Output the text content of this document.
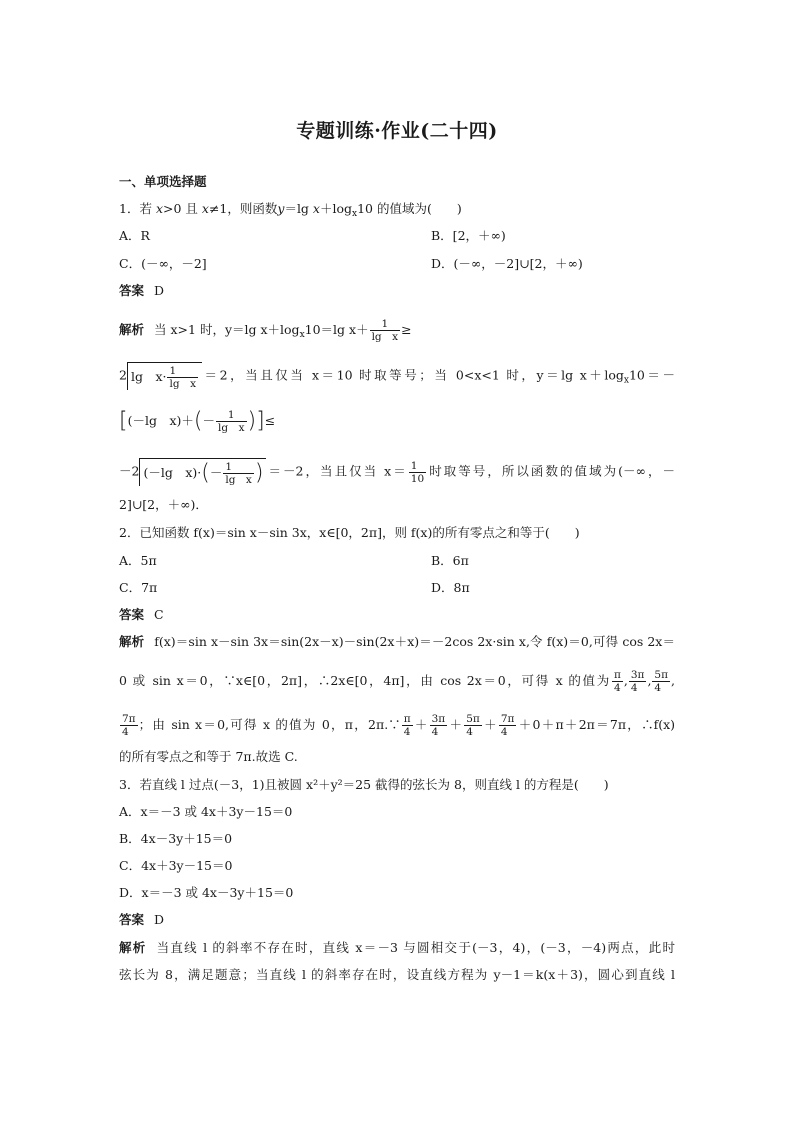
专题训练·作业(二十四)
一、单项选择题
1．若 x>0 且 x≠1，则函数y＝lg $x+\log_x10$ 的值域为(　　)
A．R	B．[2，＋∞)
C．(－∞，－2]	D．(－∞，－2]∪[2，＋∞)
答案 D
解析 当 x>1 时，y＝lg $x+\log_x10=\lg$ $x+ \frac{1}{\text{lg　x}}$ ≥
2 lg　$x\cdot \frac{1}{\text{lg　x}} =2$，当且仅当 x＝10 时取等号；当 0<x<1 时，y＝lg $x+\log_x10=-$
[(－lg　$x)+(- \frac{1}{\text{lg　x}}$ )]≤
－2 (－lg　$x)\cdot(- \frac{1}{\text{lg　x}}$ ) ＝－2，当且仅当 $x= \frac{1}{10}$ 时取等号，所以函数的值域为(－∞，－
2]∪[2，＋∞)．
2．已知函数 f(x)＝sin x－sin 3x，x∈[0，2π]，则 f(x)的所有零点之和等于(　　)
A．5π	B．6π
C．7π	D．8π
答案 C
解析 f(x)＝sin x－sin 3x＝sin(2x－x)－sin(2x＋x)＝－2cos 2x·sin x,令 f(x)＝0,可得 cos 2x＝
0 或 sin x＝0，∵x∈[0，2π]，∴2x∈[0，4π]，由 cos 2x＝0，可得 x 的值为 $\frac{\pi}{4}$ , $\frac{3\pi}{4}$ , $\frac{5\pi}{4}$ ,
$\frac{7\pi}{4}$ ；由 sin x＝0,可得 x 的值为 0，π，2π.∵ $\frac{\pi}{4} + \frac{3\pi}{4} + \frac{5\pi}{4} + \frac{7\pi}{4} +0+\pi+2\pi=7\pi$，∴f(x)
的所有零点之和等于 7π.故选 C.
3．若直线 l 过点(－3，1)且被圆 x²＋y²＝25 截得的弦长为 8，则直线 l 的方程是(　　)
A．x＝－3 或 4x＋3y－15＝0
B．4x－3y＋15＝0
C．4x＋3y－15＝0
D．x＝－3 或 4x－3y＋15＝0
答案 D
解析 当直线 l 的斜率不存在时，直线 x＝－3 与圆相交于(－3，4)，(－3，－4)两点，此时
弦长为 8，满足题意；当直线 l 的斜率存在时，设直线方程为 y－1＝k(x＋3)，圆心到直线 l
